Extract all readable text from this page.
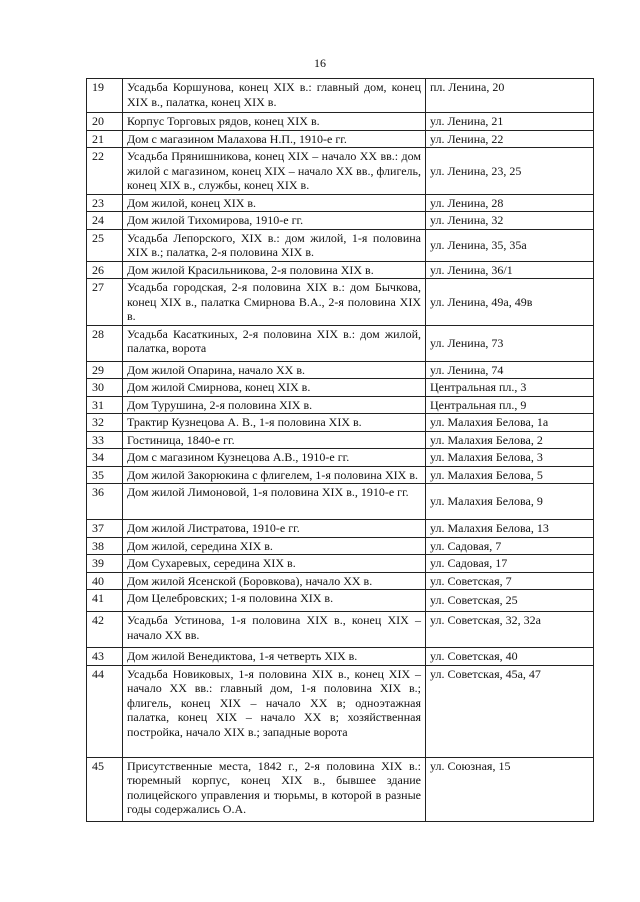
16
19	Усадьба Коршунова, конец XIX в.: главный дом, конец XIX в., палатка, конец XIX в.	пл. Ленина, 20
20	Корпус Торговых рядов, конец XIX в.	ул. Ленина, 21
21	Дом с магазином Малахова Н.П., 1910-е гг.	ул. Ленина, 22
22	Усадьба Прянишникова, конец XIX – начало XX вв.: дом жилой с магазином, конец XIX – начало XX вв., флигель, конец XIX в., службы, конец XIX в.	ул. Ленина, 23, 25
23	Дом жилой, конец XIX в.	ул. Ленина, 28
24	Дом жилой Тихомирова, 1910-е гг.	ул. Ленина, 32
25	Усадьба Лепорского, XIX в.: дом жилой, 1-я половина XIX в.; палатка, 2-я половина XIX в.	ул. Ленина, 35, 35а
26	Дом жилой Красильникова, 2-я половина XIX в.	ул. Ленина, 36/1
27	Усадьба городская, 2-я половина XIX в.: дом Бычкова, конец XIX в., палатка Смирнова В.А., 2-я половина XIX в.	ул. Ленина, 49а, 49в
28	Усадьба Касаткиных, 2-я половина XIX в.: дом жилой, палатка, ворота	ул. Ленина, 73
29	Дом жилой Опарина, начало XX в.	ул. Ленина, 74
30	Дом жилой Смирнова, конец XIX в.	Центральная пл., 3
31	Дом Турушина, 2-я половина XIX в.	Центральная пл., 9
32	Трактир Кузнецова А. В., 1-я половина XIX в.	ул. Малахия Белова, 1а
33	Гостиница, 1840-е гг.	ул. Малахия Белова, 2
34	Дом с магазином Кузнецова А.В., 1910-е гг.	ул. Малахия Белова, 3
35	Дом жилой Закорюкина с флигелем, 1-я половина XIX в.	ул. Малахия Белова, 5
36	Дом жилой Лимоновой, 1-я половина XIX в., 1910-е гг.	ул. Малахия Белова, 9
37	Дом жилой Листратова, 1910-е гг.	ул. Малахия Белова, 13
38	Дом жилой, середина XIX в.	ул. Садовая, 7
39	Дом Сухаревых, середина XIX в.	ул. Садовая, 17
40	Дом жилой Ясенской (Боровкова), начало XX в.	ул. Советская, 7
41	Дом Целебровских; 1-я половина XIX в.	ул. Советская, 25
42	Усадьба Устинова, 1-я половина XIX в., конец XIX – начало XX вв.	ул. Советская, 32, 32а
43	Дом жилой Венедиктова, 1-я четверть XIX в.	ул. Советская, 40
44	Усадьба Новиковых, 1-я половина XIX в., конец XIX – начало XX вв.: главный дом, 1-я половина XIX в.; флигель, конец XIX – начало XX в; одноэтажная палатка, конец XIX – начало XX в; хозяйственная постройка, начало XIX в.; западные ворота	ул. Советская, 45а, 47
45	Присутственные места, 1842 г., 2-я половина XIX в.: тюремный корпус, конец XIX в., бывшее здание полицейского управления и тюрьмы, в которой в разные годы содержались О.А.	ул. Союзная, 15
